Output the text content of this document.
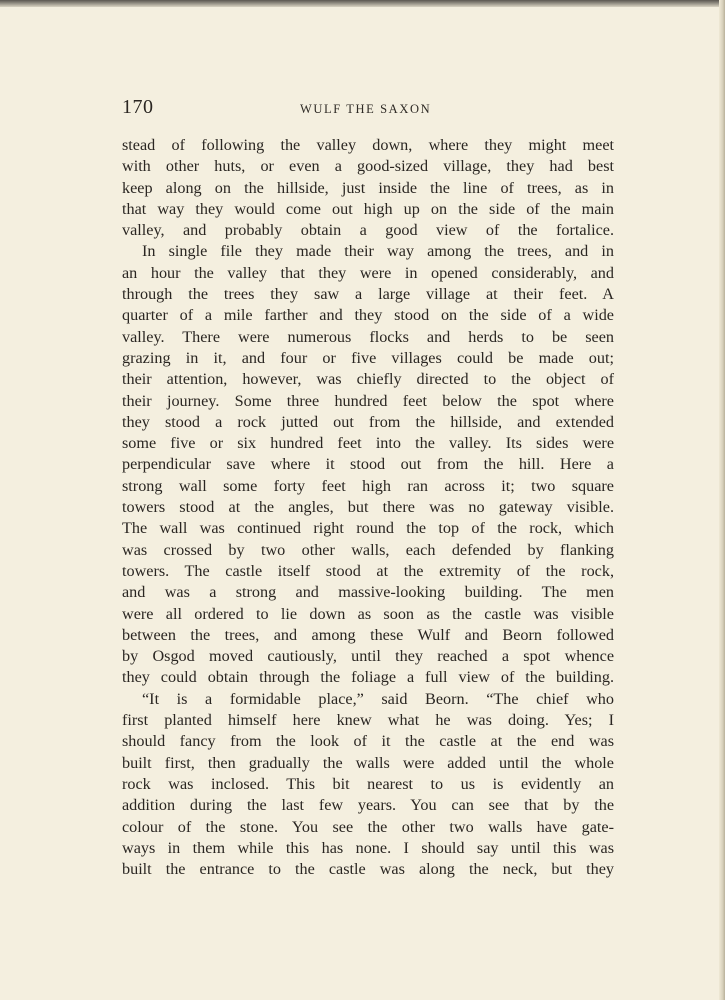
170	WULF THE SAXON
stead of following the valley down, where they might meet
with other huts, or even a good-sized village, they had best
keep along on the hillside, just inside the line of trees, as in
that way they would come out high up on the side of the main
valley, and probably obtain a good view of the fortalice.
In single file they made their way among the trees, and in
an hour the valley that they were in opened considerably, and
through the trees they saw a large village at their feet. A
quarter of a mile farther and they stood on the side of a wide
valley. There were numerous flocks and herds to be seen
grazing in it, and four or five villages could be made out;
their attention, however, was chiefly directed to the object of
their journey. Some three hundred feet below the spot where
they stood a rock jutted out from the hillside, and extended
some five or six hundred feet into the valley. Its sides were
perpendicular save where it stood out from the hill. Here a
strong wall some forty feet high ran across it; two square
towers stood at the angles, but there was no gateway visible.
The wall was continued right round the top of the rock, which
was crossed by two other walls, each defended by flanking
towers. The castle itself stood at the extremity of the rock,
and was a strong and massive-looking building. The men
were all ordered to lie down as soon as the castle was visible
between the trees, and among these Wulf and Beorn followed
by Osgod moved cautiously, until they reached a spot whence
they could obtain through the foliage a full view of the building.
“It is a formidable place,” said Beorn. “The chief who
first planted himself here knew what he was doing. Yes; I
should fancy from the look of it the castle at the end was
built first, then gradually the walls were added until the whole
rock was inclosed. This bit nearest to us is evidently an
addition during the last few years. You can see that by the
colour of the stone. You see the other two walls have gate-
ways in them while this has none. I should say until this was
built the entrance to the castle was along the neck, but they
